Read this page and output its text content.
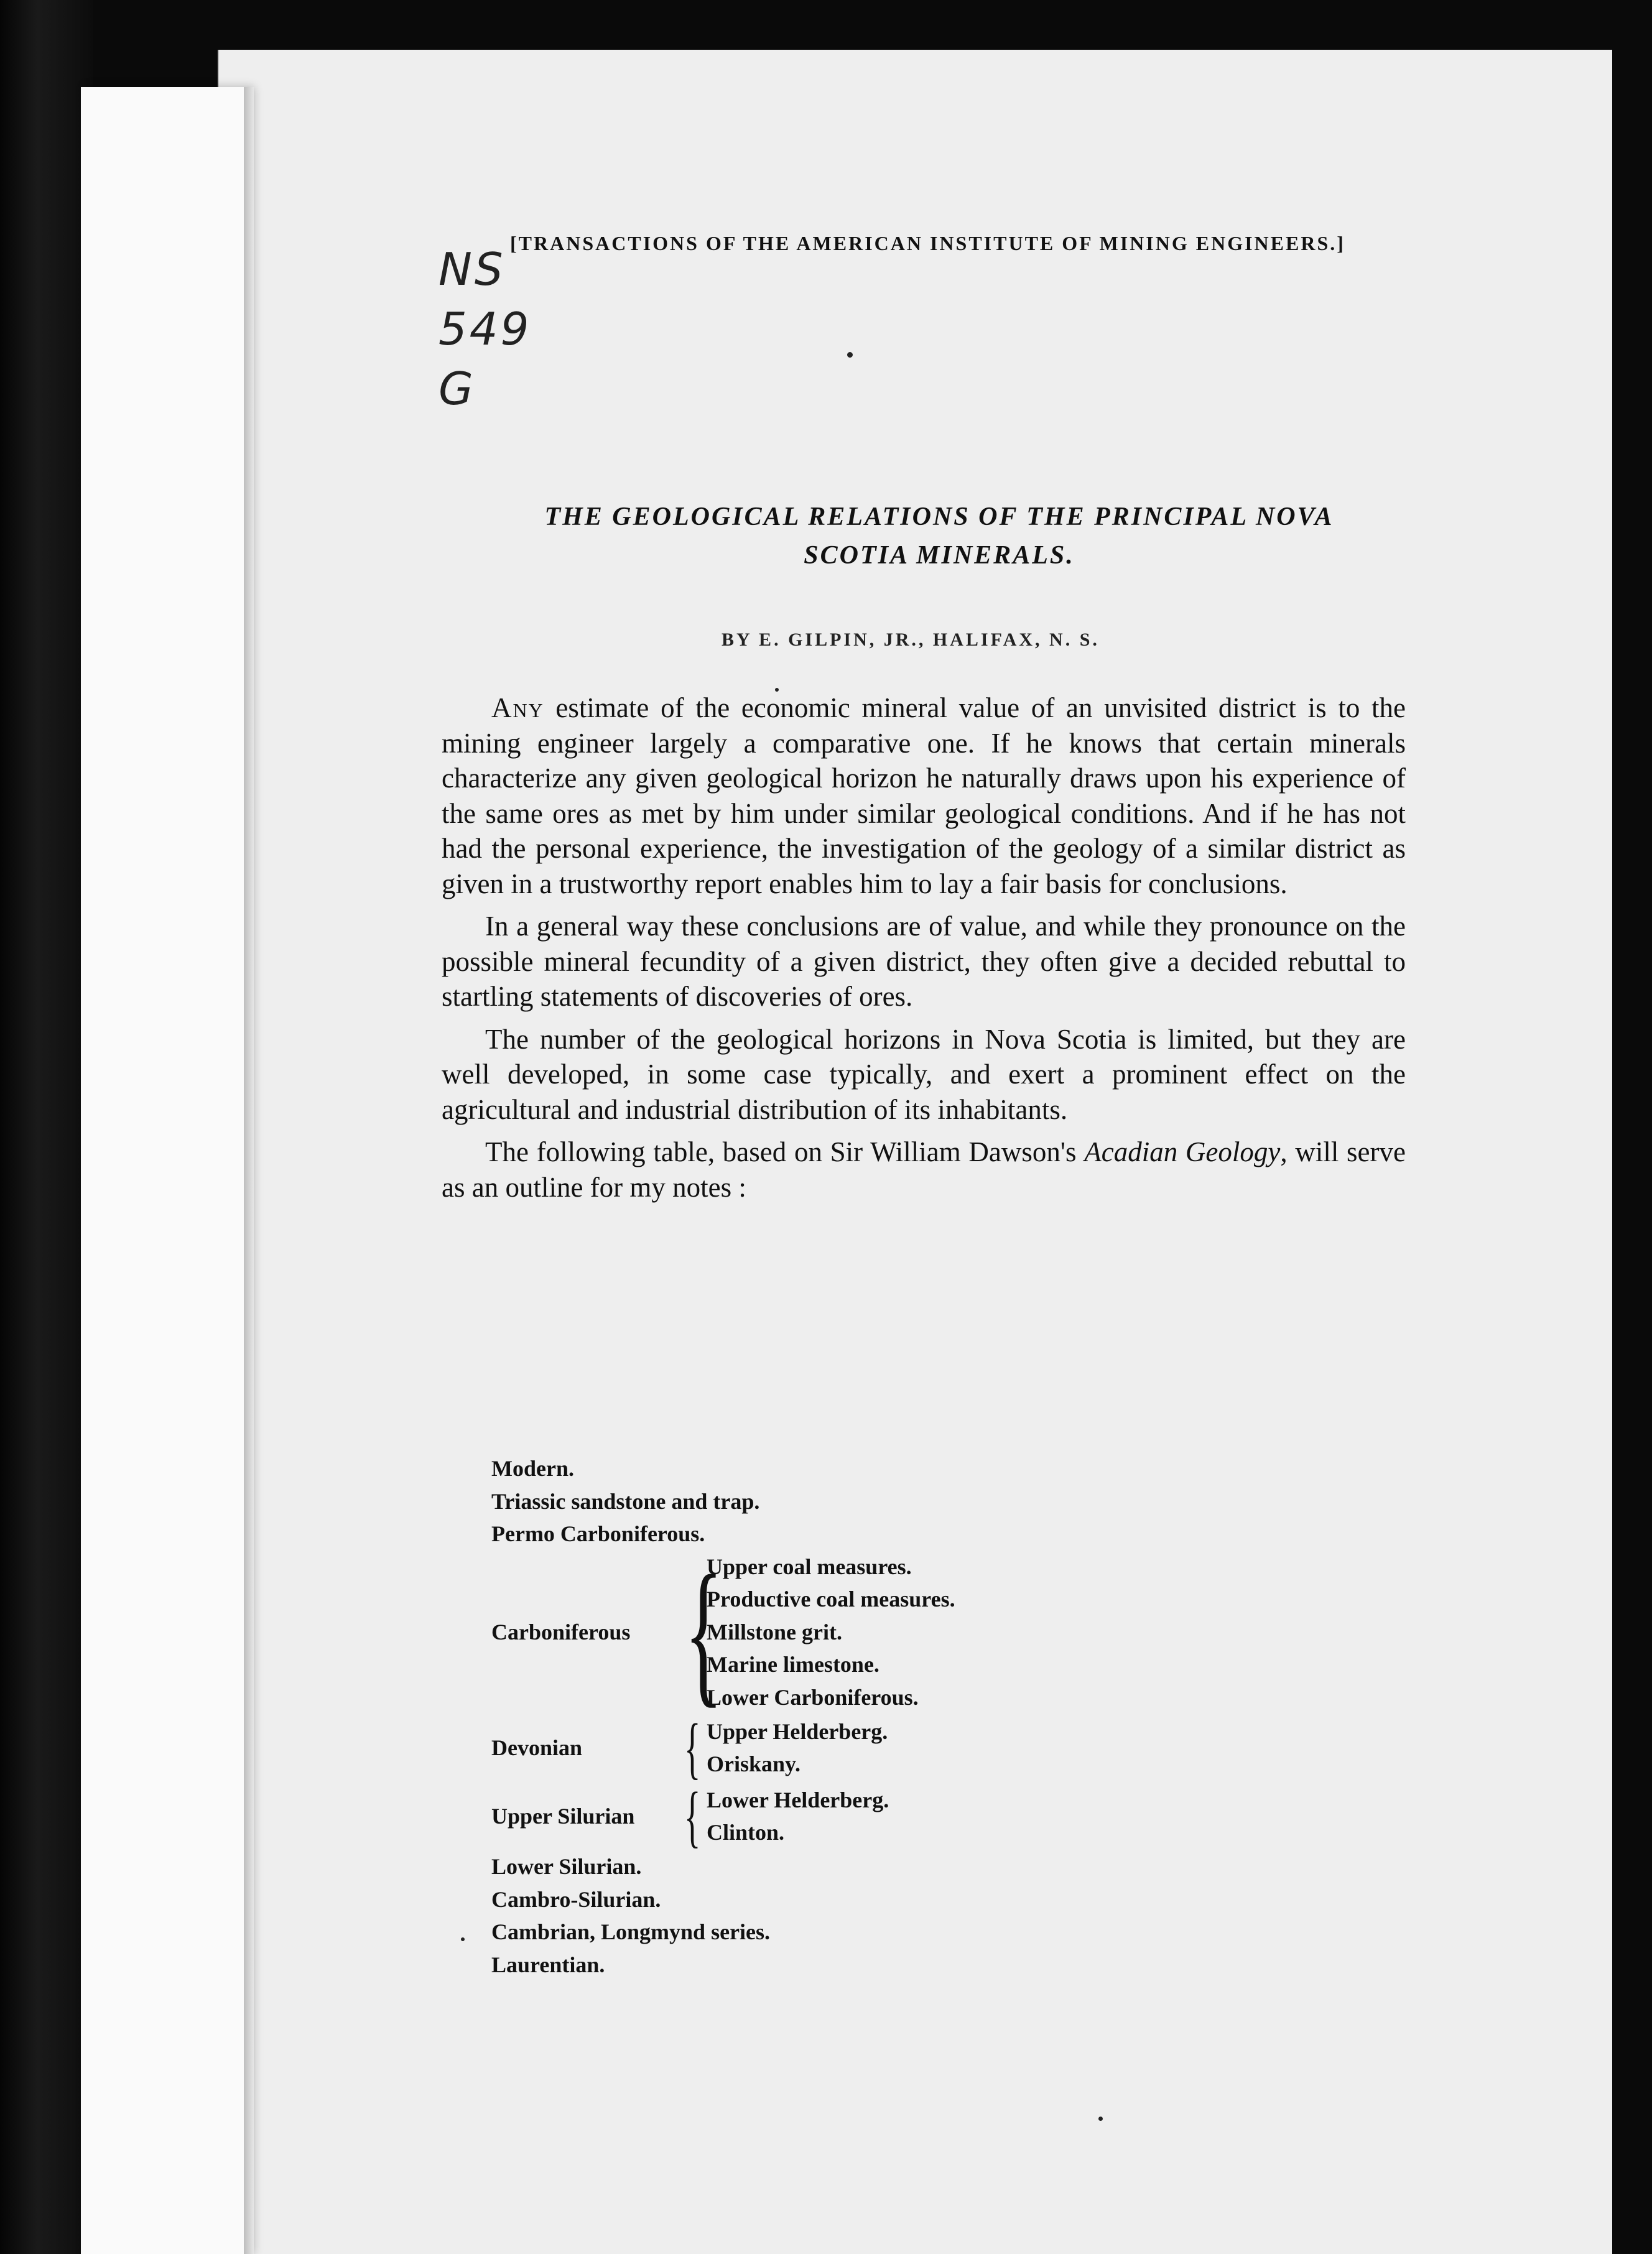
NS
549
G
[TRANSACTIONS OF THE AMERICAN INSTITUTE OF MINING ENGINEERS.]
THE GEOLOGICAL RELATIONS OF THE PRINCIPAL NOVA
SCOTIA MINERALS.
BY E. GILPIN, JR., HALIFAX, N. S.

Any estimate of the economic mineral value of an unvisited district is to the mining engineer largely a comparative one. If he knows that certain minerals characterize any given geological horizon he naturally draws upon his experience of the same ores as met by him under similar geological conditions. And if he has not had the personal experience, the investigation of the geology of a similar district as given in a trustworthy report enables him to lay a fair basis for conclusions.

In a general way these conclusions are of value, and while they pronounce on the possible mineral fecundity of a given district, they often give a decided rebuttal to startling statements of discoveries of ores.

The number of the geological horizons in Nova Scotia is limited, but they are well developed, in some case typically, and exert a prominent effect on the agricultural and industrial distribution of its inhabitants.

The following table, based on Sir William Dawson's Acadian Geology, will serve as an outline for my notes :

Modern.
Triassic sandstone and trap.
Permo Carboniferous.
Carboniferous {
Upper coal measures.
Productive coal measures.
Millstone grit.
Marine limestone.
Lower Carboniferous.
Devonian	{ Upper Helderberg.
Oriskany.
Upper Silurian { Lower Helderberg.
Clinton.
Lower Silurian.
Cambro-Silurian.
Cambrian, Longmynd series.
Laurentian.
